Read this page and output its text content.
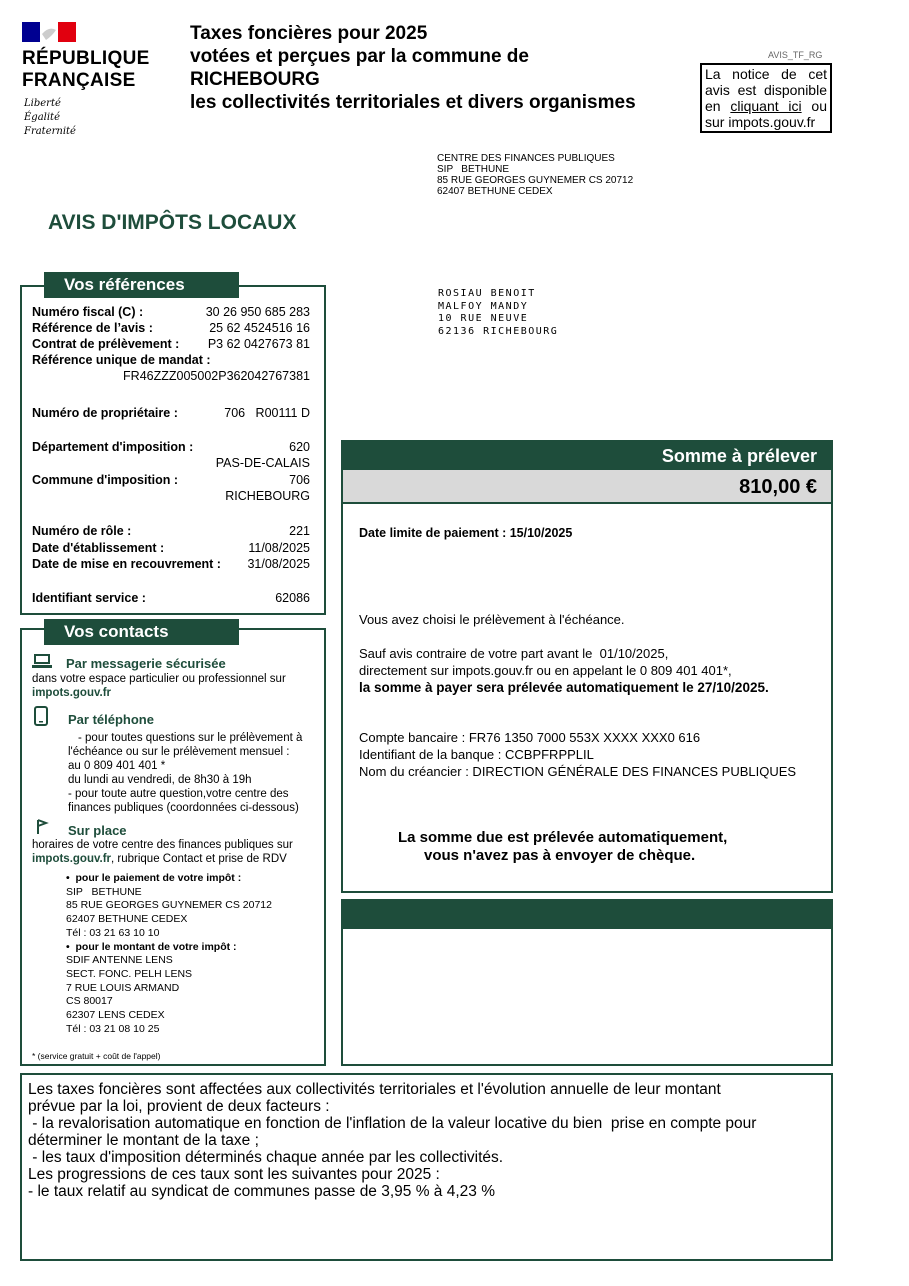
RÉPUBLIQUE
FRANÇAISE
Liberté
Égalité
Fraternité
Taxes foncières pour 2025
votées et perçues par la commune de
RICHEBOURG
les collectivités territoriales et divers organismes
AVIS_TF_RG
La notice de cet avis est disponible en cliquant ici ou sur impots.gouv.fr
CENTRE DES FINANCES PUBLIQUES
SIP   BETHUNE
85 RUE GEORGES GUYNEMER CS 20712
62407 BETHUNE CEDEX
AVIS D'IMPÔTS LOCAUX
Vos références
Numéro fiscal (C) :	30 26 950 685 283
Référence de l’avis :	25 62 4524516 16
Contrat de prélèvement : P3 62 0427673 81
Référence unique de mandat :
FR46ZZZ005002P362042767381
Numéro de propriétaire :	706   R00111 D
Département d'imposition :	620
PAS-DE-CALAIS
Commune d'imposition :	706
RICHEBOURG
Numéro de rôle :	221
Date d'établissement :	11/08/2025
Date de mise en recouvrement : 31/08/2025
Identifiant service :	62086
ROSIAU BENOIT
MALFOY MANDY
10 RUE NEUVE
62136 RICHEBOURG
Somme à prélever
810,00 €
Date limite de paiement : 15/10/2025
Vous avez choisi le prélèvement à l'échéance.
Sauf avis contraire de votre part avant le  01/10/2025,
directement sur impots.gouv.fr ou en appelant le 0 809 401 401*,
la somme à payer sera prélevée automatiquement le 27/10/2025.
Compte bancaire : FR76 1350 7000 553X XXXX XXX0 616
Identifiant de la banque : CCBPFRPPLIL
Nom du créancier : DIRECTION GÉNÉRALE DES FINANCES PUBLIQUES
La somme due est prélevée automatiquement,
vous n'avez pas à envoyer de chèque.
Vos contacts
Par messagerie sécurisée
dans votre espace particulier ou professionnel sur
impots.gouv.fr
Par téléphone
- pour toutes questions sur le prélèvement à
l'échéance ou sur le prélèvement mensuel :
au 0 809 401 401 *
du lundi au vendredi, de 8h30 à 19h
- pour toute autre question,votre centre des
finances publiques (coordonnées ci-dessous)
Sur place
horaires de votre centre des finances publiques sur
impots.gouv.fr, rubrique Contact et prise de RDV
•  pour le paiement de votre impôt :
SIP   BETHUNE
85 RUE GEORGES GUYNEMER CS 20712
62407 BETHUNE CEDEX
Tél : 03 21 63 10 10
•  pour le montant de votre impôt :
SDIF ANTENNE LENS
SECT. FONC. PELH LENS
7 RUE LOUIS ARMAND
CS 80017
62307 LENS CEDEX
Tél : 03 21 08 10 25
* (service gratuit + coût de l'appel)
Les taxes foncières sont affectées aux collectivités territoriales et l'évolution annuelle de leur montant
prévue par la loi, provient de deux facteurs :
- la revalorisation automatique en fonction de l'inflation de la valeur locative du bien  prise en compte pour
déterminer le montant de la taxe ;
- les taux d'imposition déterminés chaque année par les collectivités.
Les progressions de ces taux sont les suivantes pour 2025 :
- le taux relatif au syndicat de communes passe de 3,95 % à 4,23 %
